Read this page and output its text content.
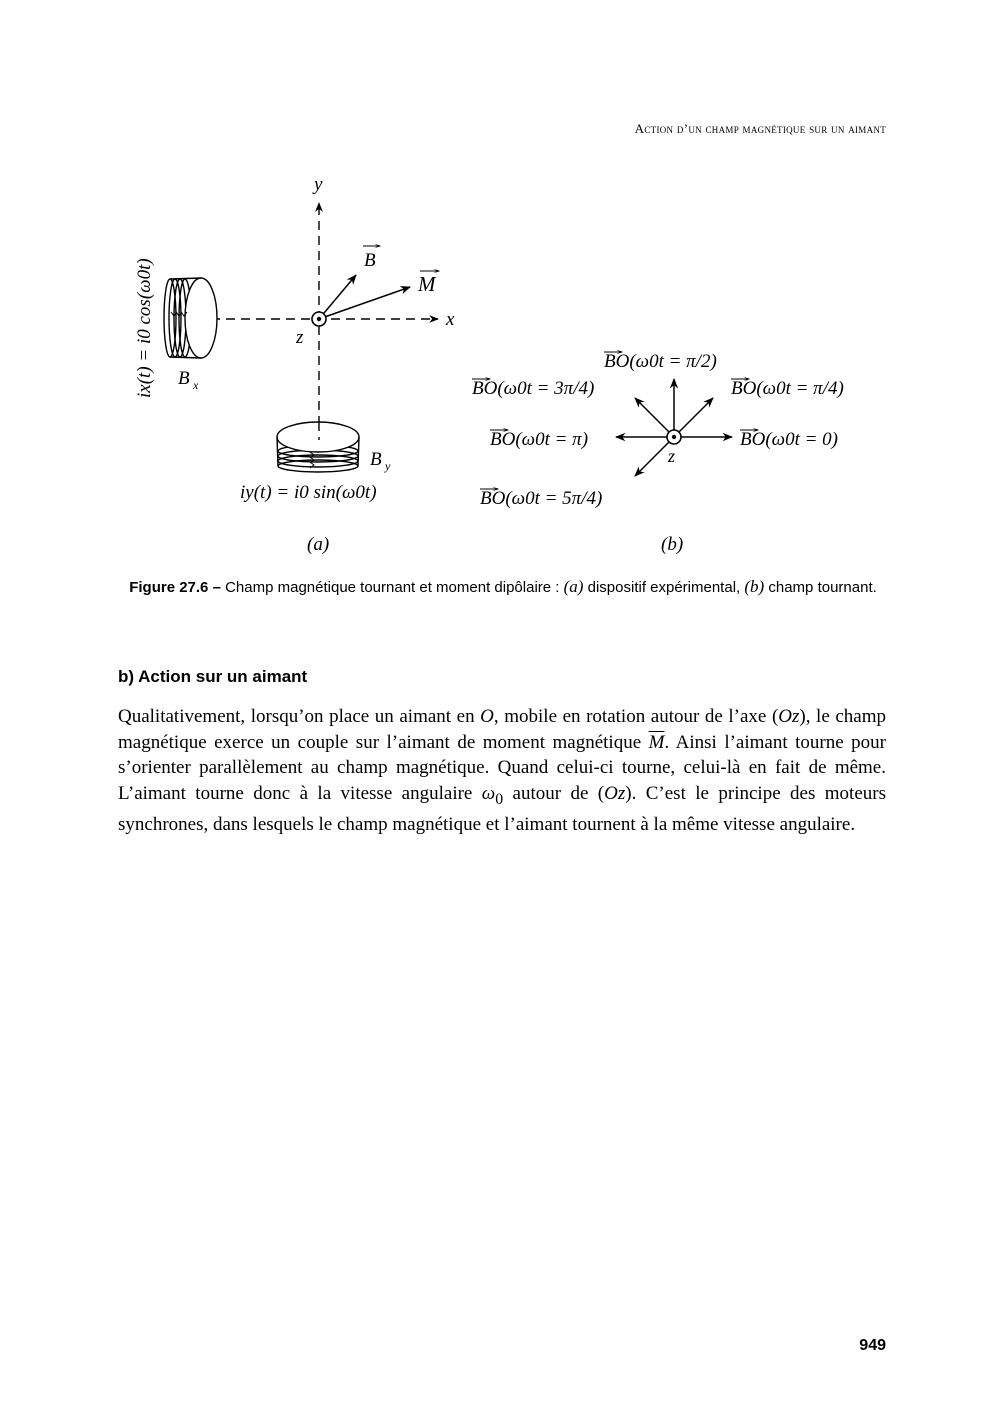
Action d’un champ magnétique sur un aimant
y
x
z
B
M
B x
B y
ix(t) = i0 cos(ω0t)
iy(t) = i0 sin(ω0t)
(a)
z
BO(ω0t = π/2)
BO(ω0t = 3π/4)	BO(ω0t = π/4)
BO(ω0t = π)	BO(ω0t = 0)
BO(ω0t = 5π/4)
(b)
Figure 27.6 – Champ magnétique tournant et moment dipôlaire : (a) dispositif expérimental, (b) champ tournant.
b) Action sur un aimant
Qualitativement, lorsqu’on place un aimant en O, mobile en rotation autour de l’axe (Oz), le champ magnétique exerce un couple sur l’aimant de moment magnétique $\overline{M}$. Ainsi l’aimant tourne pour s’orienter parallèlement au champ magnétique. Quand celui-ci tourne, celui-là en fait de même. L’aimant tourne donc à la vitesse angulaire $\omega_0$ autour de (Oz). C’est le principe des moteurs synchrones, dans lesquels le champ magnétique et l’aimant tournent à la même vitesse angulaire.
949
